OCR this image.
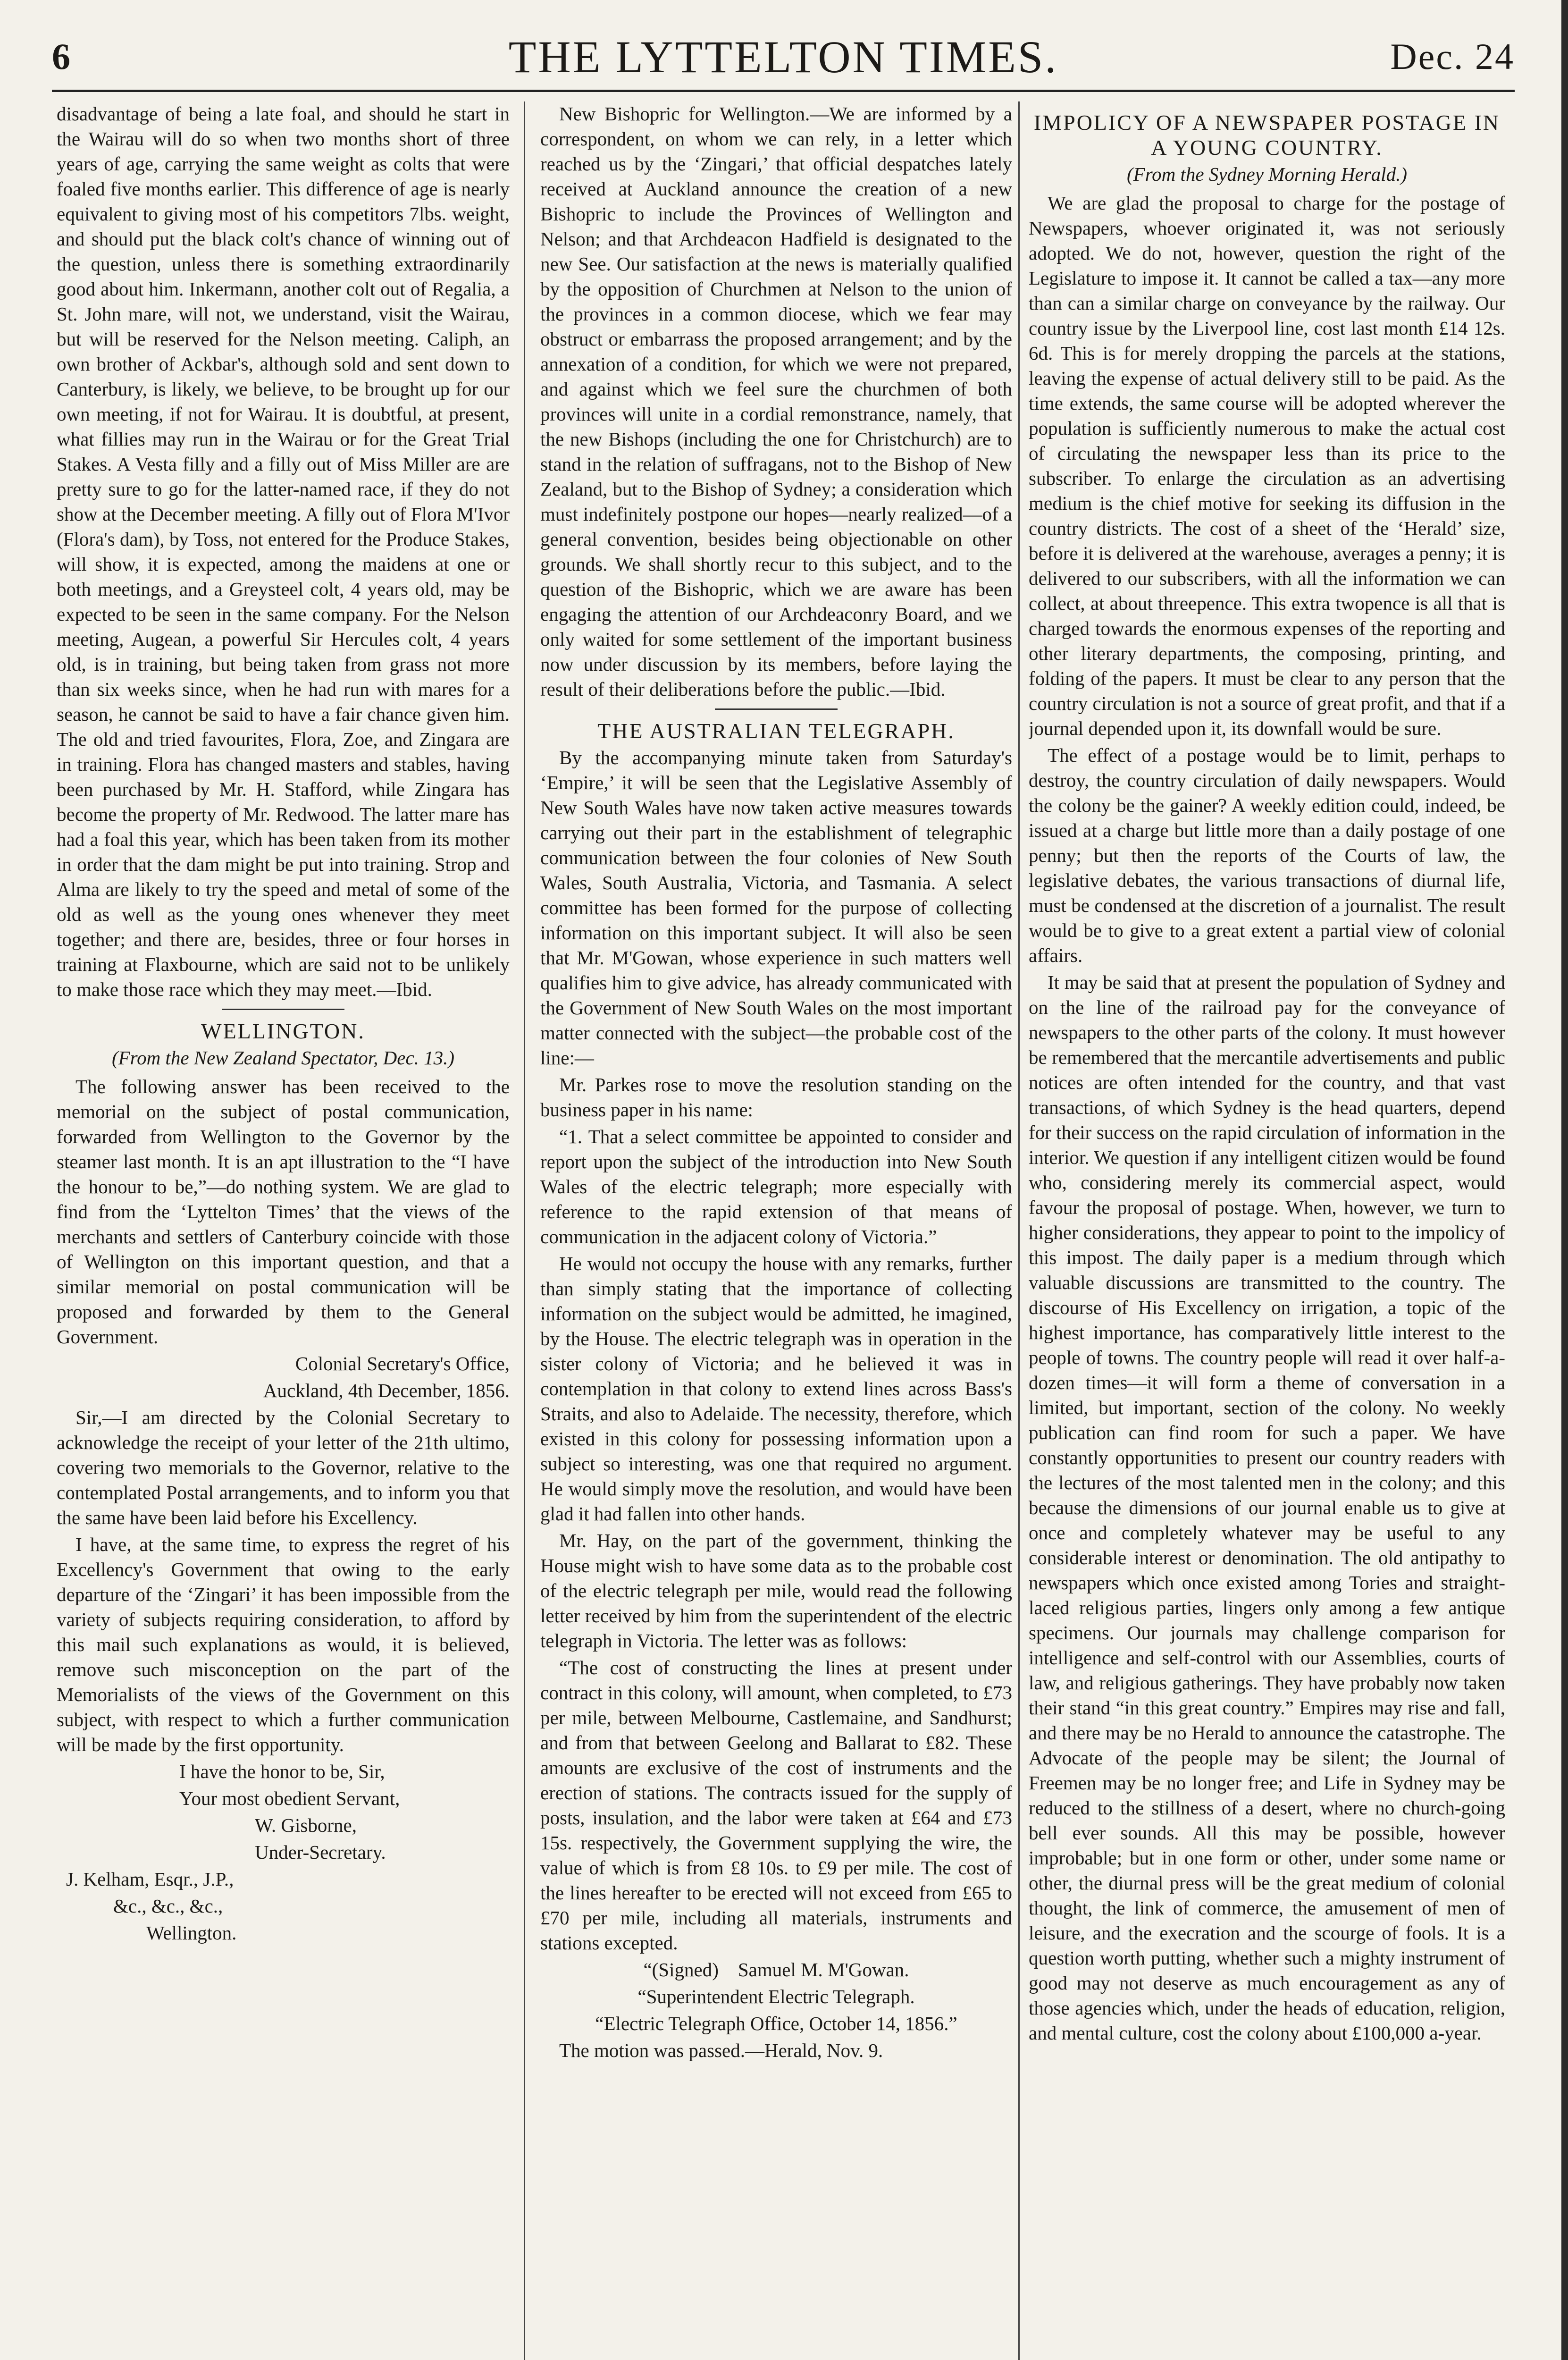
6	THE LYTTELTON TIMES.	Dec. 24

disadvantage of being a late foal, and should he start in the Wairau will do so when two months short of three years of age, carrying the same weight as colts that were foaled five months earlier. This difference of age is nearly equivalent to giving most of his competitors 7lbs. weight, and should put the black colt's chance of winning out of the question, unless there is something extraordinarily good about him. Inkermann, another colt out of Regalia, a St. John mare, will not, we understand, visit the Wairau, but will be reserved for the Nelson meeting. Caliph, an own brother of Ackbar's, although sold and sent down to Canterbury, is likely, we believe, to be brought up for our own meeting, if not for Wairau. It is doubtful, at present, what fillies may run in the Wairau or for the Great Trial Stakes. A Vesta filly and a filly out of Miss Miller are are pretty sure to go for the latter-named race, if they do not show at the December meeting. A filly out of Flora M'Ivor (Flora's dam), by Toss, not entered for the Produce Stakes, will show, it is expected, among the maidens at one or both meetings, and a Greysteel colt, 4 years old, may be expected to be seen in the same company. For the Nelson meeting, Augean, a powerful Sir Hercules colt, 4 years old, is in training, but being taken from grass not more than six weeks since, when he had run with mares for a season, he cannot be said to have a fair chance given him. The old and tried favourites, Flora, Zoe, and Zingara are in training. Flora has changed masters and stables, having been purchased by Mr. H. Stafford, while Zingara has become the property of Mr. Redwood. The latter mare has had a foal this year, which has been taken from its mother in order that the dam might be put into training. Strop and Alma are likely to try the speed and metal of some of the old as well as the young ones whenever they meet together; and there are, besides, three or four horses in training at Flaxbourne, which are said not to be unlikely to make those race which they may meet.—Ibid.

WELLINGTON.
(From the New Zealand Spectator, Dec. 13.)

The following answer has been received to the memorial on the subject of postal communication, forwarded from Wellington to the Governor by the steamer last month. It is an apt illustration to the “I have the honour to be,”—do nothing system. We are glad to find from the ‘Lyttelton Times’ that the views of the merchants and settlers of Canterbury coincide with those of Wellington on this important question, and that a similar memorial on postal communication will be proposed and forwarded by them to the General Government.

Colonial Secretary's Office,

Auckland, 4th December, 1856.

Sir,—I am directed by the Colonial Secretary to acknowledge the receipt of your letter of the 21th ultimo, covering two memorials to the Governor, relative to the contemplated Postal arrangements, and to inform you that the same have been laid before his Excellency.

I have, at the same time, to express the regret of his Excellency's Government that owing to the early departure of the ‘Zingari’ it has been impossible from the variety of subjects requiring consideration, to afford by this mail such explanations as would, it is believed, remove such misconception on the part of the Memorialists of the views of the Government on this subject, with respect to which a further communication will be made by the first opportunity.

I have the honor to be, Sir,

Your most obedient Servant,

W. Gisborne,

Under-Secretary.

J. Kelham, Esqr., J.P.,

&c., &c., &c.,

Wellington.

New Bishopric for Wellington.—We are informed by a correspondent, on whom we can rely, in a letter which reached us by the ‘Zingari,’ that official despatches lately received at Auckland announce the creation of a new Bishopric to include the Provinces of Wellington and Nelson; and that Archdeacon Hadfield is designated to the new See. Our satisfaction at the news is materially qualified by the opposition of Churchmen at Nelson to the union of the provinces in a common diocese, which we fear may obstruct or embarrass the proposed arrangement; and by the annexation of a condition, for which we were not prepared, and against which we feel sure the churchmen of both provinces will unite in a cordial remonstrance, namely, that the new Bishops (including the one for Christchurch) are to stand in the relation of suffragans, not to the Bishop of New Zealand, but to the Bishop of Sydney; a consideration which must indefinitely postpone our hopes—nearly realized—of a general convention, besides being objectionable on other grounds. We shall shortly recur to this subject, and to the question of the Bishopric, which we are aware has been engaging the attention of our Archdeaconry Board, and we only waited for some settlement of the important business now under discussion by its members, before laying the result of their deliberations before the public.—Ibid.

THE AUSTRALIAN TELEGRAPH.

By the accompanying minute taken from Saturday's ‘Empire,’ it will be seen that the Legislative Assembly of New South Wales have now taken active measures towards carrying out their part in the establishment of telegraphic communication between the four colonies of New South Wales, South Australia, Victoria, and Tasmania. A select committee has been formed for the purpose of collecting information on this important subject. It will also be seen that Mr. M'Gowan, whose experience in such matters well qualifies him to give advice, has already communicated with the Government of New South Wales on the most important matter connected with the subject—the probable cost of the line:—

Mr. Parkes rose to move the resolution standing on the business paper in his name:

“1. That a select committee be appointed to consider and report upon the subject of the introduction into New South Wales of the electric telegraph; more especially with reference to the rapid extension of that means of communication in the adjacent colony of Victoria.”

He would not occupy the house with any remarks, further than simply stating that the importance of collecting information on the subject would be admitted, he imagined, by the House. The electric telegraph was in operation in the sister colony of Victoria; and he believed it was in contemplation in that colony to extend lines across Bass's Straits, and also to Adelaide. The necessity, therefore, which existed in this colony for possessing information upon a subject so interesting, was one that required no argument. He would simply move the resolution, and would have been glad it had fallen into other hands.

Mr. Hay, on the part of the government, thinking the House might wish to have some data as to the probable cost of the electric telegraph per mile, would read the following letter received by him from the superintendent of the electric telegraph in Victoria. The letter was as follows:

“The cost of constructing the lines at present under contract in this colony, will amount, when completed, to £73 per mile, between Melbourne, Castlemaine, and Sandhurst; and from that between Geelong and Ballarat to £82. These amounts are exclusive of the cost of instruments and the erection of stations. The contracts issued for the supply of posts, insulation, and the labor were taken at £64 and £73 15s. respectively, the Government supplying the wire, the value of which is from £8 10s. to £9 per mile. The cost of the lines hereafter to be erected will not exceed from £65 to £70 per mile, including all materials, instruments and stations excepted.

“(Signed) Samuel M. M'Gowan.

“Superintendent Electric Telegraph.

“Electric Telegraph Office, October 14, 1856.”

The motion was passed.—Herald, Nov. 9.

IMPOLICY OF A NEWSPAPER POSTAGE IN A YOUNG COUNTRY.
(From the Sydney Morning Herald.)

We are glad the proposal to charge for the postage of Newspapers, whoever originated it, was not seriously adopted. We do not, however, question the right of the Legislature to impose it. It cannot be called a tax—any more than can a similar charge on conveyance by the railway. Our country issue by the Liverpool line, cost last month £14 12s. 6d. This is for merely dropping the parcels at the stations, leaving the expense of actual delivery still to be paid. As the time extends, the same course will be adopted wherever the population is sufficiently numerous to make the actual cost of circulating the newspaper less than its price to the subscriber. To enlarge the circulation as an advertising medium is the chief motive for seeking its diffusion in the country districts. The cost of a sheet of the ‘Herald’ size, before it is delivered at the warehouse, averages a penny; it is delivered to our subscribers, with all the information we can collect, at about threepence. This extra twopence is all that is charged towards the enormous expenses of the reporting and other literary departments, the composing, printing, and folding of the papers. It must be clear to any person that the country circulation is not a source of great profit, and that if a journal depended upon it, its downfall would be sure.

The effect of a postage would be to limit, perhaps to destroy, the country circulation of daily newspapers. Would the colony be the gainer? A weekly edition could, indeed, be issued at a charge but little more than a daily postage of one penny; but then the reports of the Courts of law, the legislative debates, the various transactions of diurnal life, must be condensed at the discretion of a journalist. The result would be to give to a great extent a partial view of colonial affairs.

It may be said that at present the population of Sydney and on the line of the railroad pay for the conveyance of newspapers to the other parts of the colony. It must however be remembered that the mercantile advertisements and public notices are often intended for the country, and that vast transactions, of which Sydney is the head quarters, depend for their success on the rapid circulation of information in the interior. We question if any intelligent citizen would be found who, considering merely its commercial aspect, would favour the proposal of postage. When, however, we turn to higher considerations, they appear to point to the impolicy of this impost. The daily paper is a medium through which valuable discussions are transmitted to the country. The discourse of His Excellency on irrigation, a topic of the highest importance, has comparatively little interest to the people of towns. The country people will read it over half-a-dozen times—it will form a theme of conversation in a limited, but important, section of the colony. No weekly publication can find room for such a paper. We have constantly opportunities to present our country readers with the lectures of the most talented men in the colony; and this because the dimensions of our journal enable us to give at once and completely whatever may be useful to any considerable interest or denomination. The old antipathy to newspapers which once existed among Tories and straight-laced religious parties, lingers only among a few antique specimens. Our journals may challenge comparison for intelligence and self-control with our Assemblies, courts of law, and religious gatherings. They have probably now taken their stand “in this great country.” Empires may rise and fall, and there may be no Herald to announce the catastrophe. The Advocate of the people may be silent; the Journal of Freemen may be no longer free; and Life in Sydney may be reduced to the stillness of a desert, where no church-going bell ever sounds. All this may be possible, however improbable; but in one form or other, under some name or other, the diurnal press will be the great medium of colonial thought, the link of commerce, the amusement of men of leisure, and the execration and the scourge of fools. It is a question worth putting, whether such a mighty instrument of good may not deserve as much encouragement as any of those agencies which, under the heads of education, religion, and mental culture, cost the colony about £100,000 a-year.
